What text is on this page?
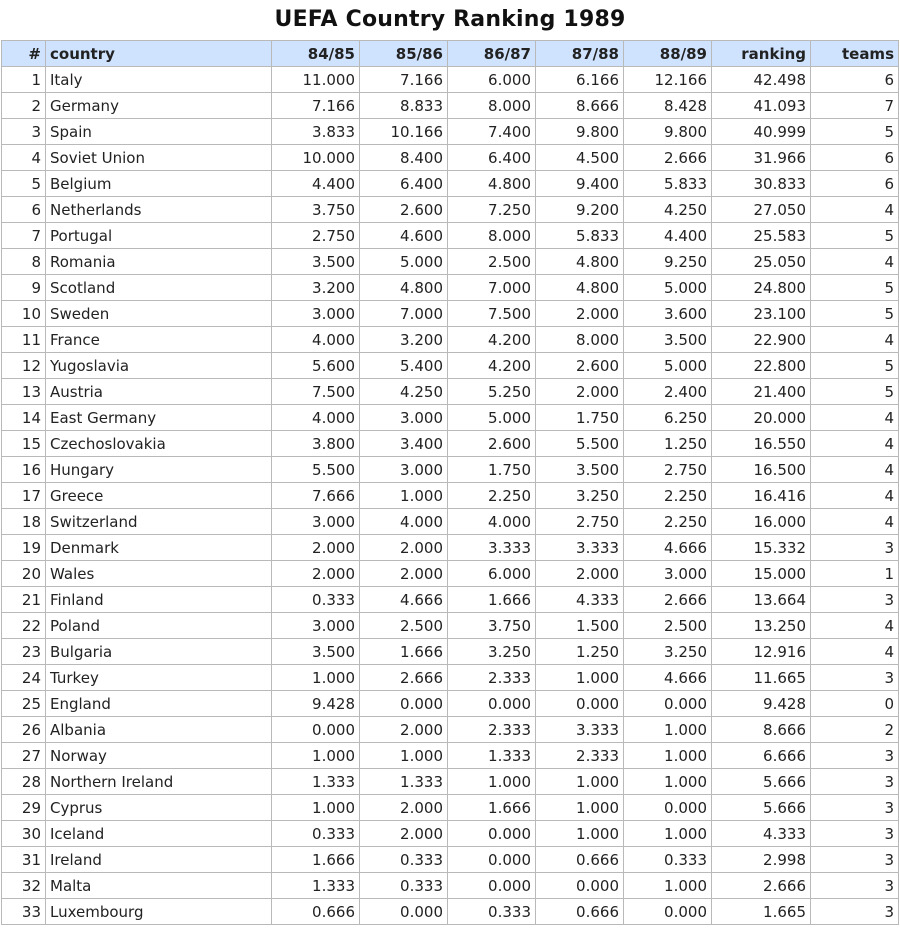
UEFA Country Ranking 1989
#	country	84/85	85/86	86/87	87/88	88/89	ranking	teams
1	Italy	11.000	7.166	6.000	6.166	12.166	42.498	6
2	Germany	7.166	8.833	8.000	8.666	8.428	41.093	7
3	Spain	3.833	10.166	7.400	9.800	9.800	40.999	5
4	Soviet Union	10.000	8.400	6.400	4.500	2.666	31.966	6
5	Belgium	4.400	6.400	4.800	9.400	5.833	30.833	6
6	Netherlands	3.750	2.600	7.250	9.200	4.250	27.050	4
7	Portugal	2.750	4.600	8.000	5.833	4.400	25.583	5
8	Romania	3.500	5.000	2.500	4.800	9.250	25.050	4
9	Scotland	3.200	4.800	7.000	4.800	5.000	24.800	5
10	Sweden	3.000	7.000	7.500	2.000	3.600	23.100	5
11	France	4.000	3.200	4.200	8.000	3.500	22.900	4
12	Yugoslavia	5.600	5.400	4.200	2.600	5.000	22.800	5
13	Austria	7.500	4.250	5.250	2.000	2.400	21.400	5
14	East Germany	4.000	3.000	5.000	1.750	6.250	20.000	4
15	Czechoslovakia	3.800	3.400	2.600	5.500	1.250	16.550	4
16	Hungary	5.500	3.000	1.750	3.500	2.750	16.500	4
17	Greece	7.666	1.000	2.250	3.250	2.250	16.416	4
18	Switzerland	3.000	4.000	4.000	2.750	2.250	16.000	4
19	Denmark	2.000	2.000	3.333	3.333	4.666	15.332	3
20	Wales	2.000	2.000	6.000	2.000	3.000	15.000	1
21	Finland	0.333	4.666	1.666	4.333	2.666	13.664	3
22	Poland	3.000	2.500	3.750	1.500	2.500	13.250	4
23	Bulgaria	3.500	1.666	3.250	1.250	3.250	12.916	4
24	Turkey	1.000	2.666	2.333	1.000	4.666	11.665	3
25	England	9.428	0.000	0.000	0.000	0.000	9.428	0
26	Albania	0.000	2.000	2.333	3.333	1.000	8.666	2
27	Norway	1.000	1.000	1.333	2.333	1.000	6.666	3
28	Northern Ireland	1.333	1.333	1.000	1.000	1.000	5.666	3
29	Cyprus	1.000	2.000	1.666	1.000	0.000	5.666	3
30	Iceland	0.333	2.000	0.000	1.000	1.000	4.333	3
31	Ireland	1.666	0.333	0.000	0.666	0.333	2.998	3
32	Malta	1.333	0.333	0.000	0.000	1.000	2.666	3
33	Luxembourg	0.666	0.000	0.333	0.666	0.000	1.665	3
